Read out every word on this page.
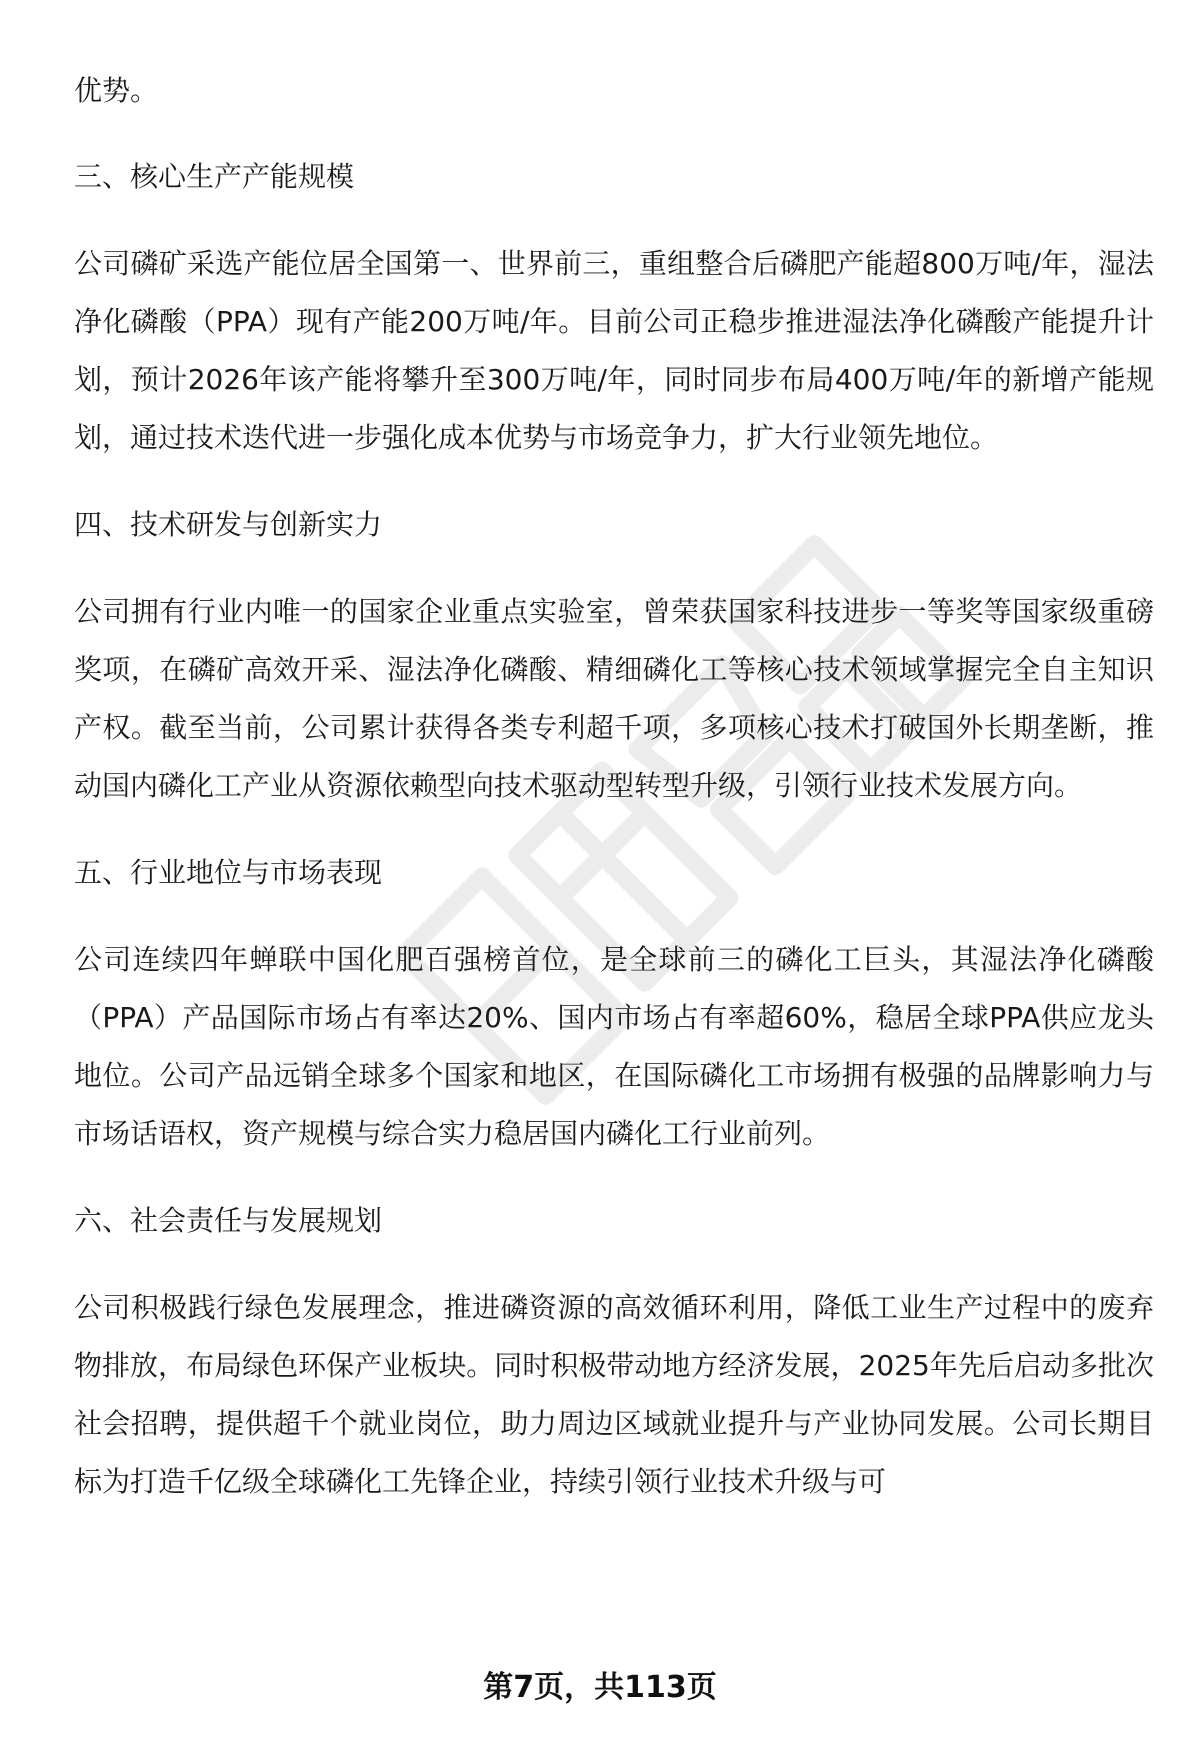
优势。

三、核心生产产能规模

公司磷矿采选产能位居全国第一、世界前三，重组整合后磷肥产能超800万吨/年，湿法净化磷酸（PPA）现有产能200万吨/年。目前公司正稳步推进湿法净化磷酸产能提升计划，预计2026年该产能将攀升至300万吨/年，同时同步布局400万吨/年的新增产能规划，通过技术迭代进一步强化成本优势与市场竞争力，扩大行业领先地位。

四、技术研发与创新实力

公司拥有行业内唯一的国家企业重点实验室，曾荣获国家科技进步一等奖等国家级重磅奖项，在磷矿高效开采、湿法净化磷酸、精细磷化工等核心技术领域掌握完全自主知识产权。截至当前，公司累计获得各类专利超千项，多项核心技术打破国外长期垄断，推动国内磷化工产业从资源依赖型向技术驱动型转型升级，引领行业技术发展方向。

五、行业地位与市场表现

公司连续四年蝉联中国化肥百强榜首位，是全球前三的磷化工巨头，其湿法净化磷酸（PPA）产品国际市场占有率达20%、国内市场占有率超60%，稳居全球PPA供应龙头地位。公司产品远销全球多个国家和地区，在国际磷化工市场拥有极强的品牌影响力与市场话语权，资产规模与综合实力稳居国内磷化工行业前列。

六、社会责任与发展规划

公司积极践行绿色发展理念，推进磷资源的高效循环利用，降低工业生产过程中的废弃物排放，布局绿色环保产业板块。同时积极带动地方经济发展，2025年先后启动多批次社会招聘，提供超千个就业岗位，助力周边区域就业提升与产业协同发展。公司长期目标为打造千亿级全球磷化工先锋企业，持续引领行业技术升级与可

第7页，共113页
